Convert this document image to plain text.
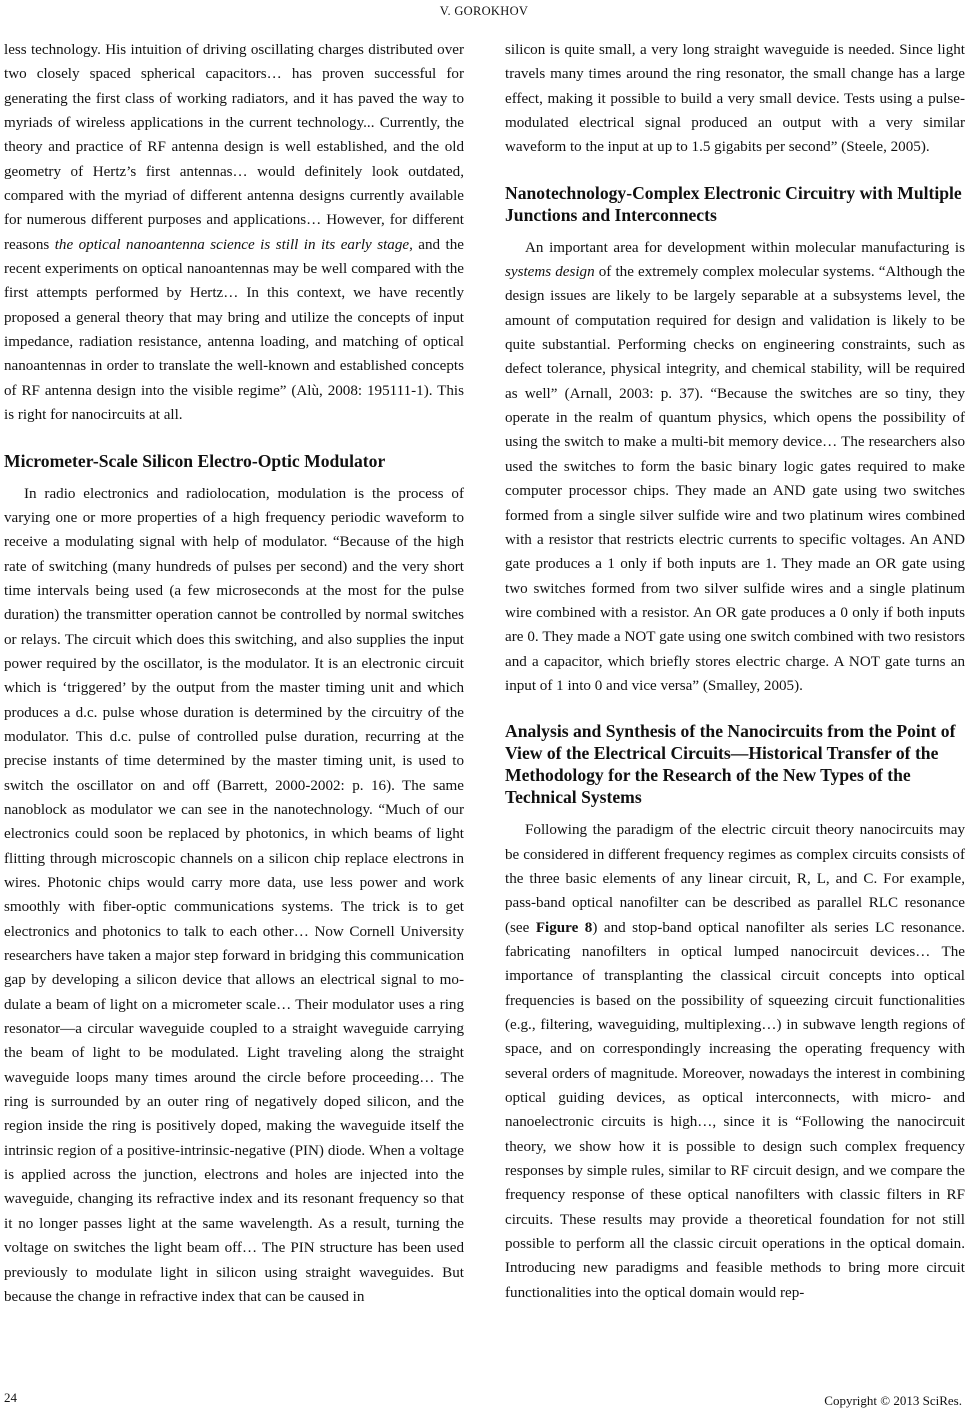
V. GOROKHOV

less technology. His intuition of driving oscillating charges distributed over two closely spaced spherical capacitors… has proven successful for generating the first class of working radiators, and it has paved the way to myriads of wireless applications in the current technology... Currently, the theory and practice of RF antenna design is well established, and the old geometry of Hertz’s first antennas… would definitely look outdated, compared with the myriad of different antenna designs currently available for numerous different purposes and applications… However, for different reasons the optical nanoantenna science is still in its early stage, and the recent experiments on optical nanoantennas may be well compared with the first attempts performed by Hertz… In this context, we have recently proposed a general theory that may bring and utilize the concepts of input impedance, radiation resistance, antenna loading, and matching of optical nanoantennas in order to translate the well-known and established concepts of RF antenna design into the visible regime” (Alù, 2008: 195111-1). This is right for nanocircuits at all.

Micrometer-Scale Silicon Electro-Optic Modulator

In radio electronics and radiolocation, modulation is the process of varying one or more properties of a high frequency periodic waveform to receive a modulating signal with help of modulator. “Because of the high rate of switching (many hundreds of pulses per second) and the very short time intervals being used (a few microseconds at the most for the pulse duration) the transmitter operation cannot be controlled by normal switches or relays. The circuit which does this switching, and also supplies the input power required by the oscillator, is the modulator. It is an electronic circuit which is ‘triggered’ by the output from the master timing unit and which produces a d.c. pulse whose duration is determined by the circuitry of the modulator. This d.c. pulse of controlled pulse duration, recurring at the precise instants of time determined by the master timing unit, is used to switch the oscillator on and off (Barrett, 2000-2002: p. 16). The same nanoblock as modulator we can see in the nanotechnology. “Much of our electronics could soon be replaced by photonics, in which beams of light flitting through microscopic channels on a silicon chip replace electrons in wires. Photonic chips would carry more data, use less power and work smoothly with fiber-optic communications systems. The trick is to get electronics and photonics to talk to each other… Now Cornell University researchers have taken a major step forward in bridging this communication gap by developing a silicon device that allows an electrical signal to modulate a beam of light on a micrometer scale… Their modulator uses a ring resonator—a circular waveguide coupled to a straight waveguide carrying the beam of light to be modulated. Light traveling along the straight waveguide loops many times around the circle before proceeding… The ring is surrounded by an outer ring of negatively doped silicon, and the region inside the ring is positively doped, making the waveguide itself the intrinsic region of a positive-intrinsic-negative (PIN) diode. When a voltage is applied across the junction, electrons and holes are injected into the waveguide, changing its refractive index and its resonant frequency so that it no longer passes light at the same wavelength. As a result, turning the voltage on switches the light beam off… The PIN structure has been used previously to modulate light in silicon using straight waveguides. But because the change in refractive index that can be caused in

silicon is quite small, a very long straight waveguide is needed. Since light travels many times around the ring resonator, the small change has a large effect, making it possible to build a very small device. Tests using a pulse-modulated electrical signal produced an output with a very similar waveform to the input at up to 1.5 gigabits per second” (Steele, 2005).

Nanotechnology-Complex Electronic Circuitry with Multiple Junctions and Interconnects

An important area for development within molecular manufacturing is systems design of the extremely complex molecular systems. “Although the design issues are likely to be largely separable at a subsystems level, the amount of computation required for design and validation is likely to be quite substantial. Performing checks on engineering constraints, such as defect tolerance, physical integrity, and chemical stability, will be required as well” (Arnall, 2003: p. 37). “Because the switches are so tiny, they operate in the realm of quantum physics, which opens the possibility of using the switch to make a multi-bit memory device… The researchers also used the switches to form the basic binary logic gates required to make computer processor chips. They made an AND gate using two switches formed from a single silver sulfide wire and two platinum wires combined with a resistor that restricts electric currents to specific voltages. An AND gate produces a 1 only if both inputs are 1. They made an OR gate using two switches formed from two silver sulfide wires and a single platinum wire combined with a resistor. An OR gate produces a 0 only if both inputs are 0. They made a NOT gate using one switch combined with two resistors and a capacitor, which briefly stores electric charge. A NOT gate turns an input of 1 into 0 and vice versa” (Smalley, 2005).

Analysis and Synthesis of the Nanocircuits from the Point of View of the Electrical Circuits—Historical Transfer of the Methodology for the Research of the New Types of the Technical Systems

Following the paradigm of the electric circuit theory nanocircuits may be considered in different frequency regimes as complex circuits consists of the three basic elements of any linear circuit, R, L, and C. For example, pass-band optical nanofilter can be described as parallel RLC resonance (see Figure 8) and stop-band optical nanofilter als series LC resonance. fabricating nanofilters in optical lumped nanocircuit devices… The importance of transplanting the classical circuit concepts into optical frequencies is based on the possibility of squeezing circuit functionalities (e.g., filtering, waveguiding, multiplexing…) in subwave length regions of space, and on correspondingly increasing the operating frequency with several orders of magnitude. Moreover, nowadays the interest in combining optical guiding devices, as optical interconnects, with micro- and nanoelectronic circuits is high…, since it is “Following the nanocircuit theory, we show how it is possible to design such complex frequency responses by simple rules, similar to RF circuit design, and we compare the frequency response of these optical nanofilters with classic filters in RF circuits. These results may provide a theoretical foundation for not still possible to perform all the classic circuit operations in the optical domain. Introducing new paradigms and feasible methods to bring more circuit functionalities into the optical domain would rep-

24	Copyright © 2013 SciRes.
